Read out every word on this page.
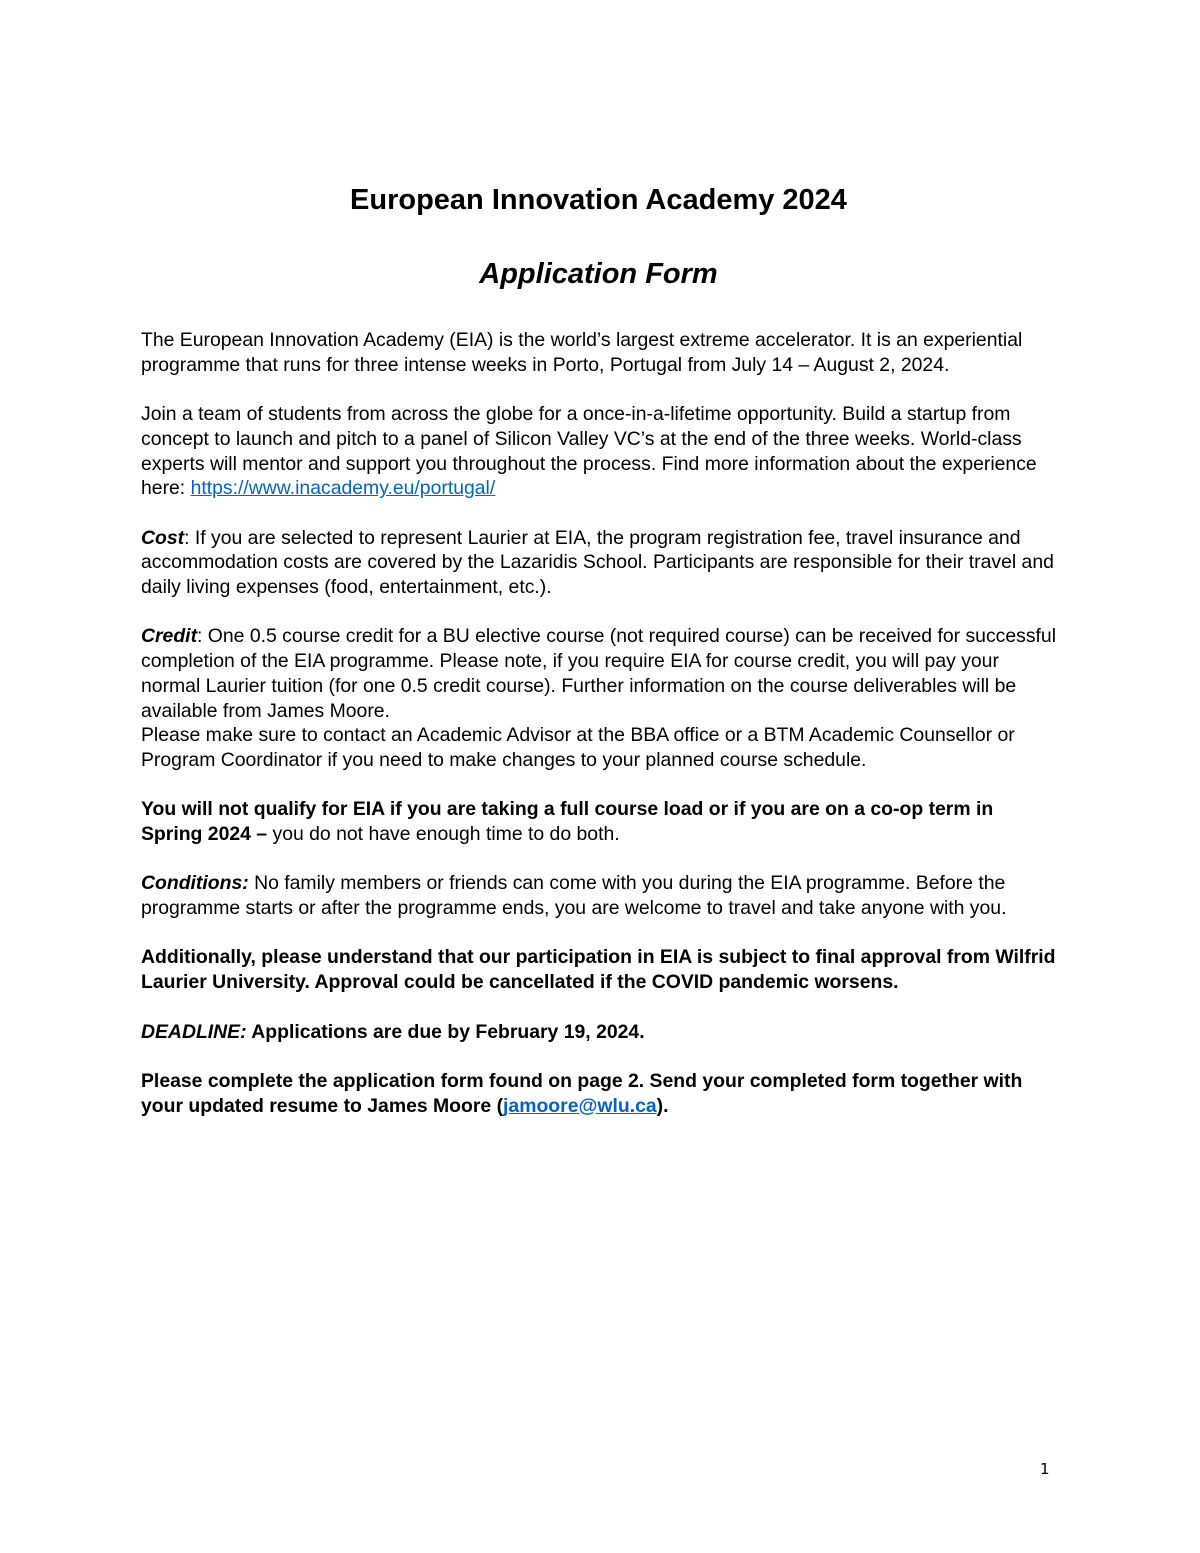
European Innovation Academy 2024
Application Form

The European Innovation Academy (EIA) is the world’s largest extreme accelerator. It is an experiential programme that runs for three intense weeks in Porto, Portugal from July 14 – August 2, 2024.

Join a team of students from across the globe for a once-in-a-lifetime opportunity. Build a startup from concept to launch and pitch to a panel of Silicon Valley VC’s at the end of the three weeks. World-class experts will mentor and support you throughout the process. Find more information about the experience here: https://www.inacademy.eu/portugal/

Cost: If you are selected to represent Laurier at EIA, the program registration fee, travel insurance and accommodation costs are covered by the Lazaridis School. Participants are responsible for their travel and daily living expenses (food, entertainment, etc.).

Credit: One 0.5 course credit for a BU elective course (not required course) can be received for successful completion of the EIA programme. Please note, if you require EIA for course credit, you will pay your normal Laurier tuition (for one 0.5 credit course). Further information on the course deliverables will be available from James Moore.

Please make sure to contact an Academic Advisor at the BBA office or a BTM Academic Counsellor or Program Coordinator if you need to make changes to your planned course schedule.

You will not qualify for EIA if you are taking a full course load or if you are on a co-op term in Spring 2024 – you do not have enough time to do both.

Conditions: No family members or friends can come with you during the EIA programme. Before the programme starts or after the programme ends, you are welcome to travel and take anyone with you.

Additionally, please understand that our participation in EIA is subject to final approval from Wilfrid Laurier University. Approval could be cancellated if the COVID pandemic worsens.

DEADLINE: Applications are due by February 19, 2024.

Please complete the application form found on page 2. Send your completed form together with your updated resume to James Moore (jamoore@wlu.ca).

1
